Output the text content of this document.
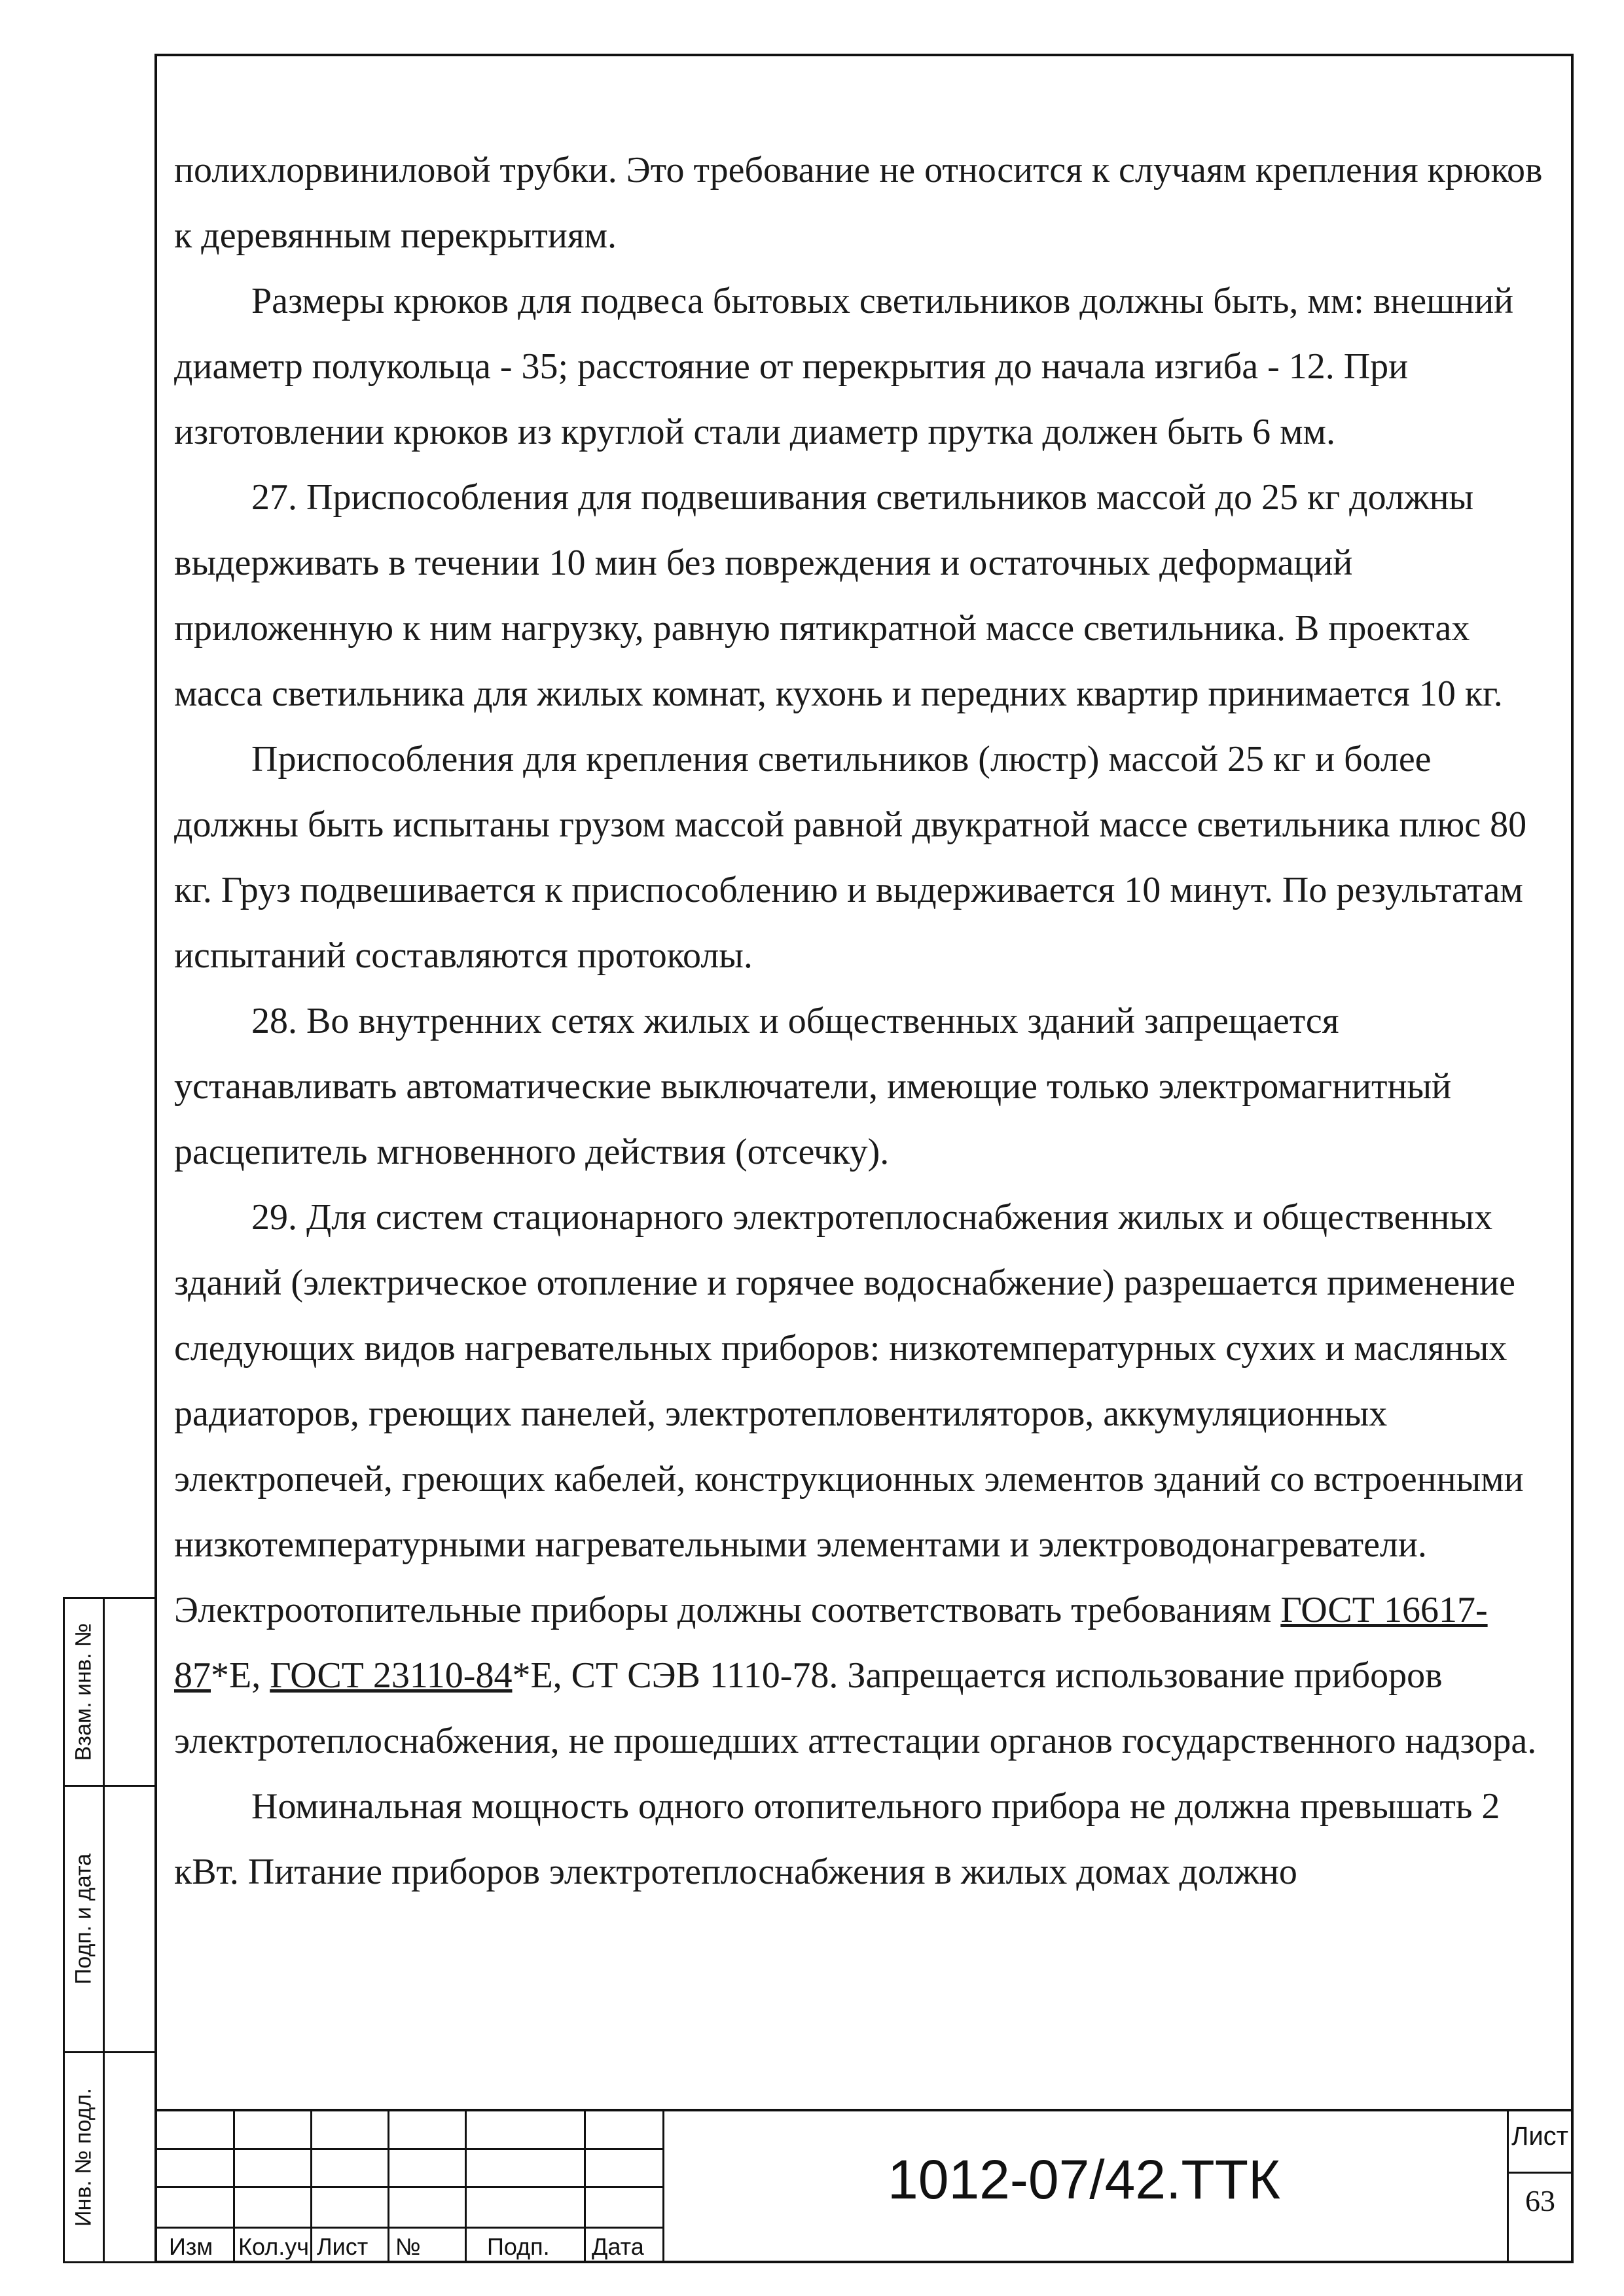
полихлорвиниловой трубки. Это требование не относится к случаям крепления крюков к деревянным перекрытиям.

Размеры крюков для подвеса бытовых светильников должны быть, мм: внешний диаметр полукольца - 35; расстояние от перекрытия до начала изгиба - 12. При изготовлении крюков из круглой стали диаметр прутка должен быть 6 мм.

27. Приспособления для подвешивания светильников массой до 25 кг должны выдерживать в течении 10 мин без повреждения и остаточных деформаций приложенную к ним нагрузку, равную пятикратной массе светильника. В проектах масса светильника для жилых комнат, кухонь и передних квартир принимается 10 кг.

Приспособления для крепления светильников (люстр) массой 25 кг и более должны быть испытаны грузом массой равной двукратной массе светильника плюс 80 кг. Груз подвешивается к приспособлению и выдерживается 10 минут. По результатам испытаний составляются протоколы.

28. Во внутренних сетях жилых и общественных зданий запрещается устанавливать автоматические выключатели, имеющие только электромагнитный расцепитель мгновенного действия (отсечку).

29. Для систем стационарного электротеплоснабжения жилых и общественных зданий (электрическое отопление и горячее водоснабжение) разрешается применение следующих видов нагревательных приборов: низкотемпературных сухих и масляных радиаторов, греющих панелей, электротепловентиляторов, аккумуляционных электропечей, греющих кабелей, конструкционных элементов зданий со встроенными низкотемпературными нагревательными элементами и электроводонагреватели. Электроотопительные приборы должны соответствовать требованиям ГОСТ 16617-87*Е, ГОСТ 23110-84*Е, СТ СЭВ 1110-78. Запрещается использование приборов электротеплоснабжения, не прошедших аттестации органов государственного надзора.

Номинальная мощность одного отопительного прибора не должна превышать 2 кВт. Питание приборов электротеплоснабжения в жилых домах должно

Взам. инв. №
Подп. и дата
Инв. № подл.
Изм Кол.уч Лист №	Подп. Дата
1012-07/42.ТТК
Лист
63
